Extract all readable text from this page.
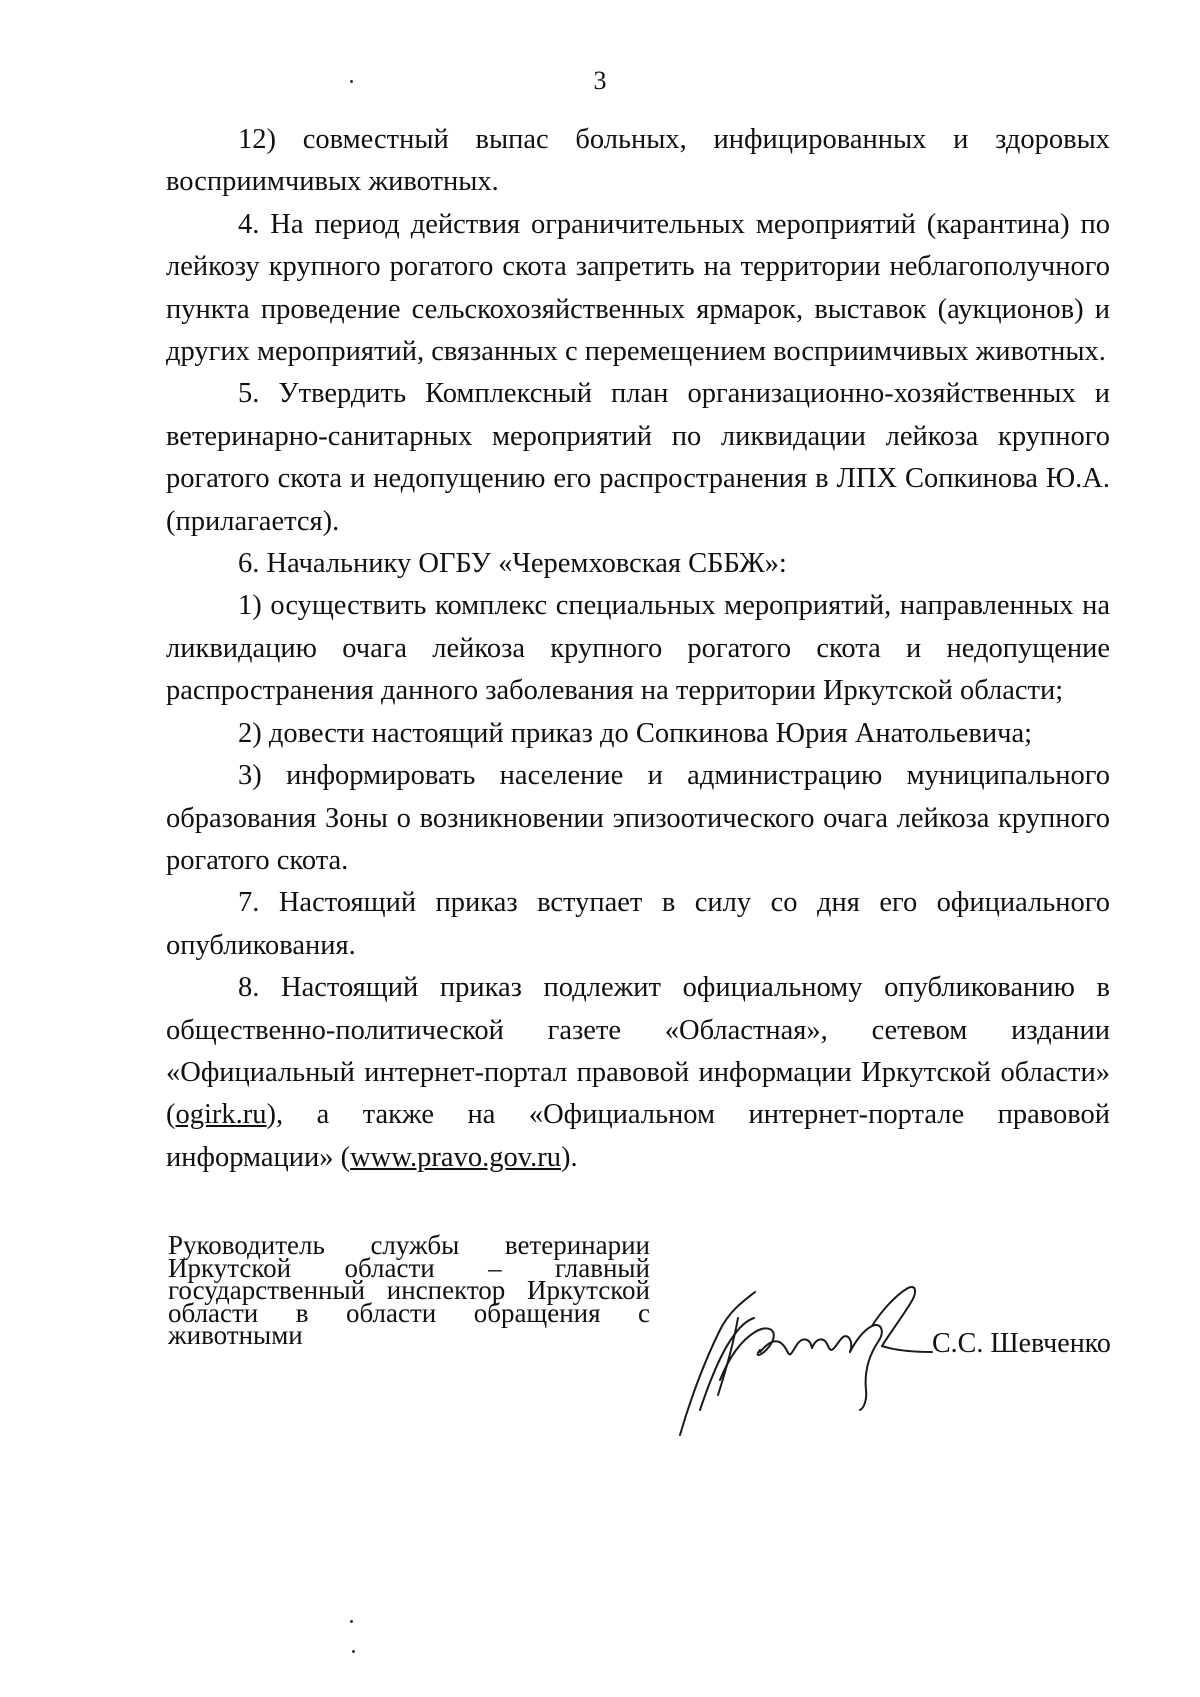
3

12) совместный выпас больных, инфицированных и здоровых восприимчивых животных.

4. На период действия ограничительных мероприятий (карантина) по лейкозу крупного рогатого скота запретить на территории неблагополучного пункта проведение сельскохозяйственных ярмарок, выставок (аукционов) и других мероприятий, связанных с перемещением восприимчивых животных.

5. Утвердить Комплексный план организационно-хозяйственных и ветеринарно-санитарных мероприятий по ликвидации лейкоза крупного рогатого скота и недопущению его распространения в ЛПХ Сопкинова Ю.А. (прилагается).

6. Начальнику ОГБУ «Черемховская СББЖ»:

1) осуществить комплекс специальных мероприятий, направленных на ликвидацию очага лейкоза крупного рогатого скота и недопущение распространения данного заболевания на территории Иркутской области;

2) довести настоящий приказ до Сопкинова Юрия Анатольевича;

3) информировать население и администрацию муниципального образования Зоны о возникновении эпизоотического очага лейкоза крупного рогатого скота.

7. Настоящий приказ вступает в силу со дня его официального опубликования.

8. Настоящий приказ подлежит официальному опубликованию в общественно-политической газете «Областная», сетевом издании «Официальный интернет-портал правовой информации Иркутской области» (ogirk.ru), а также на «Официальном интернет-портале правовой информации» (www.pravo.gov.ru).

Руководитель службы ветеринарии Иркутской области – главный государственный инспектор Иркутской области в области обращения с животными	С.С. Шевченко
